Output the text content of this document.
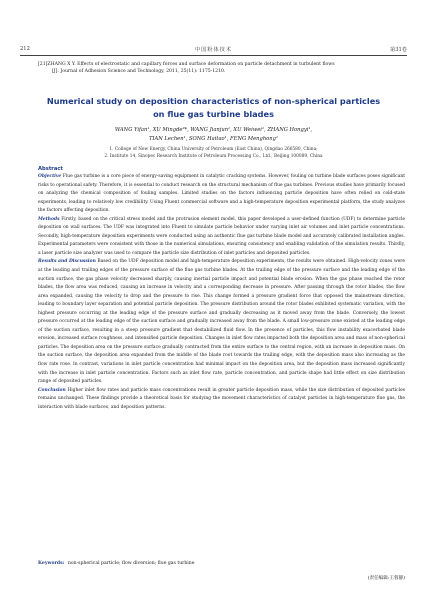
212	中国粉体技术	第31卷

[21]ZHANG X Y. Effects of electrostatic and capillary forces and surface deformation on particle detachment in turbulent flows

[J]. Journal of Adhesion Science and Technology, 2011, 25(11): 1175-1210.

Numerical study on deposition characteristics of non-spherical particles on flue gas turbine blades
WANG Yifan¹, XU Mingde²*, WANG Jianjun¹, XU Weiwei¹, ZHANG Hongyi¹,
TIAN Lechen¹, SONG Haitao¹, FENG Menghong¹
1. College of New Energy, China University of Petroleum (East China), Qingdao 266580, China;
2. Institute 14, Sinopec Research Institute of Petroleum Processing Co., Ltd., Beijing 100089, China
Abstract

Objective Flue gas turbine is a core piece of energy-saving equipment in catalytic cracking systems. However, fouling on turbine blade surfaces poses significant risks to operational safety. Therefore, it is essential to conduct research on the structural mechanism of flue gas turbines. Previous studies have primarily focused on analyzing the chemical composition of fouling samples. Limited studies on the factors influencing particle deposition have often relied on cold-state experiments, leading to relatively low credibility. Using Fluent commercial software and a high-temperature deposition experimental platform, the study analyzes the factors affecting deposition.

Methods Firstly, based on the critical stress model and the protrusion element model, this paper developed a user-defined function (UDF) to determine particle deposition on wall surfaces. The UDF was integrated into Fluent to simulate particle behavior under varying inlet air volumes and inlet particle concentrations. Secondly, high-temperature deposition experiments were conducted using an authentic flue gas turbine blade model and accurately calibrated installation angles. Experimental parameters were consistent with those in the numerical simulations, ensuring consistency and enabling validation of the simulation results. Thirdly, a laser particle size analyzer was used to compare the particle size distribution of inlet particles and deposited particles.

Results and Discussion Based on the UDF deposition model and high-temperature deposition experiments, the results were obtained. High-velocity zones were at the leading and trailing edges of the pressure surface of the flue gas turbine blades. At the trailing edge of the pressure surface and the leading edge of the suction surface, the gas phase velocity decreased sharply, causing inertial particle impact and potential blade erosion. When the gas phase reached the rotor blades, the flow area was reduced, causing an increase in velocity and a corresponding decrease in pressure. After passing through the rotor blades, the flow area expanded, causing the velocity to drop and the pressure to rise. This change formed a pressure gradient force that opposed the mainstream direction, leading to boundary layer separation and potential particle deposition. The pressure distribution around the rotor blades exhibited systematic variation, with the highest pressure occurring at the leading edge of the pressure surface and gradually decreasing as it moved away from the blade. Conversely, the lowest pressure occurred at the leading edge of the suction surface and gradually increased away from the blade. A small low-pressure zone existed at the leading edge of the suction surface, resulting in a steep pressure gradient that destabilized fluid flow. In the presence of particles, this flow instability exacerbated blade erosion, increased surface roughness, and intensified particle deposition. Changes in inlet flow rates impacted both the deposition area and mass of non-spherical particles. The deposition area on the pressure surface gradually contracted from the entire surface to the central region, with an increase in deposition mass. On the suction surface, the deposition area expanded from the middle of the blade root towards the trailing edge, with the deposition mass also increasing as the flow rate rose. In contrast, variations in inlet particle concentration had minimal impact on the deposition area, but the deposition mass increased significantly with the increase in inlet particle concentration. Factors such as inlet flow rate, particle concentration, and particle shape had little effect on size distribution range of deposited particles.

Conclusion Higher inlet flow rates and particle mass concentrations result in greater particle deposition mass, while the size distribution of deposited particles remains unchanged. These findings provide a theoretical basis for studying the movement characteristics of catalyst particles in high-temperature flue gas, the interaction with blade surfaces, and deposition patterns.

Keywords: non-spherical particle; flow diversion; flue gas turbine
(责任编辑:王蓉静)
